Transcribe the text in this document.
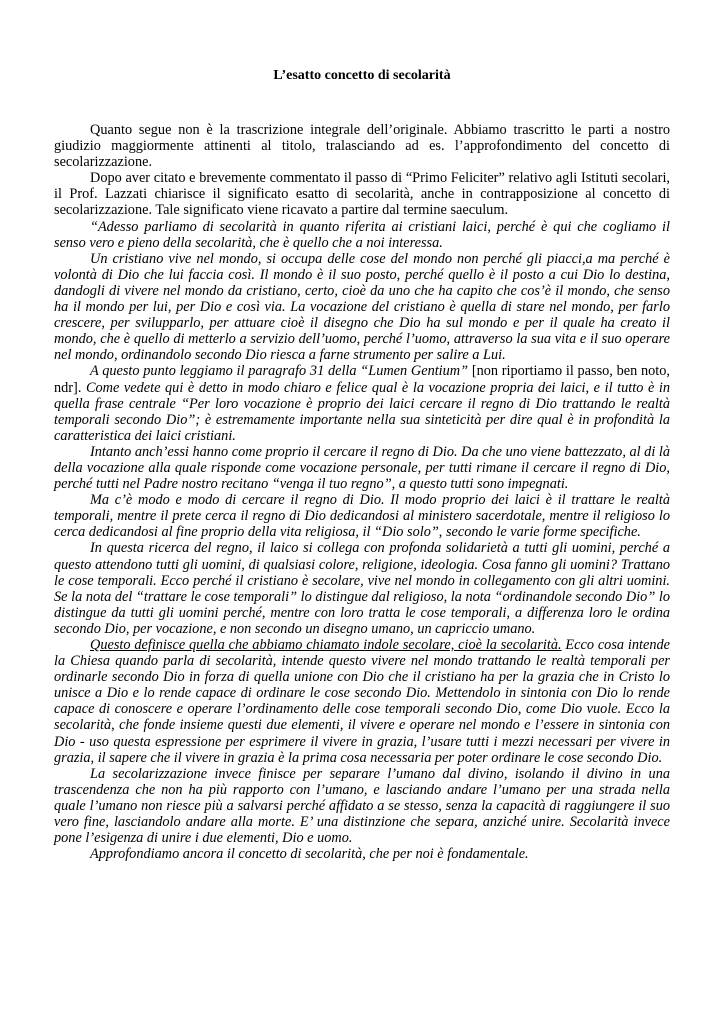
L’esatto concetto di secolarità

Quanto segue non è la trascrizione integrale dell’originale. Abbiamo trascritto le parti a nostro giudizio maggiormente attinenti al titolo, tralasciando ad es. l’approfondimento del concetto di secolarizzazione.

Dopo aver citato e brevemente commentato il passo di “Primo Feliciter” relativo agli Istituti secolari, il Prof. Lazzati chiarisce il significato esatto di secolarità, anche in contrapposizione al concetto di secolarizzazione. Tale significato viene ricavato a partire dal termine saeculum.

“Adesso parliamo di secolarità in quanto riferita ai cristiani laici, perché è qui che cogliamo il senso vero e pieno della secolarità, che è quello che a noi interessa.

Un cristiano vive nel mondo, si occupa delle cose del mondo non perché gli piacci,a ma perché è volontà di Dio che lui faccia così. Il mondo è il suo posto, perché quello è il posto a cui Dio lo destina, dandogli di vivere nel mondo da cristiano, certo, cioè da uno che ha capito che cos’è il mondo, che senso ha il mondo per lui, per Dio e così via. La vocazione del cristiano è quella di stare nel mondo, per farlo crescere, per svilupparlo, per attuare cioè il disegno che Dio ha sul mondo e per il quale ha creato il mondo, che è quello di metterlo a servizio dell’uomo, perché l’uomo, attraverso la sua vita e il suo operare nel mondo, ordinandolo secondo Dio riesca a farne strumento per salire a Lui.

A questo punto leggiamo il paragrafo 31 della “Lumen Gentium” [non riportiamo il passo, ben noto, ndr]. Come vedete qui è detto in modo chiaro e felice qual è la vocazione propria dei laici, e il tutto è in quella frase centrale “Per loro vocazione è proprio dei laici cercare il regno di Dio trattando le realtà temporali secondo Dio”; è estremamente importante nella sua sinteticità per dire qual è in profondità la caratteristica dei laici cristiani.

Intanto anch’essi hanno come proprio il cercare il regno di Dio. Da che uno viene battezzato, al di là della vocazione alla quale risponde come vocazione personale, per tutti rimane il cercare il regno di Dio, perché tutti nel Padre nostro recitano “venga il tuo regno”, a questo tutti sono impegnati.

Ma c’è modo e modo di cercare il regno di Dio. Il modo proprio dei laici è il trattare le realtà temporali, mentre il prete cerca il regno di Dio dedicandosi al ministero sacerdotale, mentre il religioso lo cerca dedicandosi al fine proprio della vita religiosa, il “Dio solo”, secondo le varie forme specifiche.

In questa ricerca del regno, il laico si collega con profonda solidarietà a tutti gli uomini, perché a questo attendono tutti gli uomini, di qualsiasi colore, religione, ideologia. Cosa fanno gli uomini? Trattano le cose temporali. Ecco perché il cristiano è secolare, vive nel mondo in collegamento con gli altri uomini. Se la nota del “trattare le cose temporali” lo distingue dal religioso, la nota “ordinandole secondo Dio” lo distingue da tutti gli uomini perché, mentre con loro tratta le cose temporali, a differenza loro le ordina secondo Dio, per vocazione, e non secondo un disegno umano, un capriccio umano.

Questo definisce quella che abbiamo chiamato indole secolare, cioè la secolarità. Ecco cosa intende la Chiesa quando parla di secolarità, intende questo vivere nel mondo trattando le realtà temporali per ordinarle secondo Dio in forza di quella unione con Dio che il cristiano ha per la grazia che in Cristo lo unisce a Dio e lo rende capace di ordinare le cose secondo Dio. Mettendolo in sintonia con Dio lo rende capace di conoscere e operare l’ordinamento delle cose temporali secondo Dio, come Dio vuole. Ecco la secolarità, che fonde insieme questi due elementi, il vivere e operare nel mondo e l’essere in sintonia con Dio - uso questa espressione per esprimere il vivere in grazia, l’usare tutti i mezzi necessari per vivere in grazia, il sapere che il vivere in grazia è la prima cosa necessaria per poter ordinare le cose secondo Dio.

La secolarizzazione invece finisce per separare l’umano dal divino, isolando il divino in una trascendenza che non ha più rapporto con l’umano, e lasciando andare l’umano per una strada nella quale l’umano non riesce più a salvarsi perché affidato a se stesso, senza la capacità di raggiungere il suo vero fine, lasciandolo andare alla morte. E’ una distinzione che separa, anziché unire. Secolarità invece pone l’esigenza di unire i due elementi, Dio e uomo.

Approfondiamo ancora il concetto di secolarità, che per noi è fondamentale.
